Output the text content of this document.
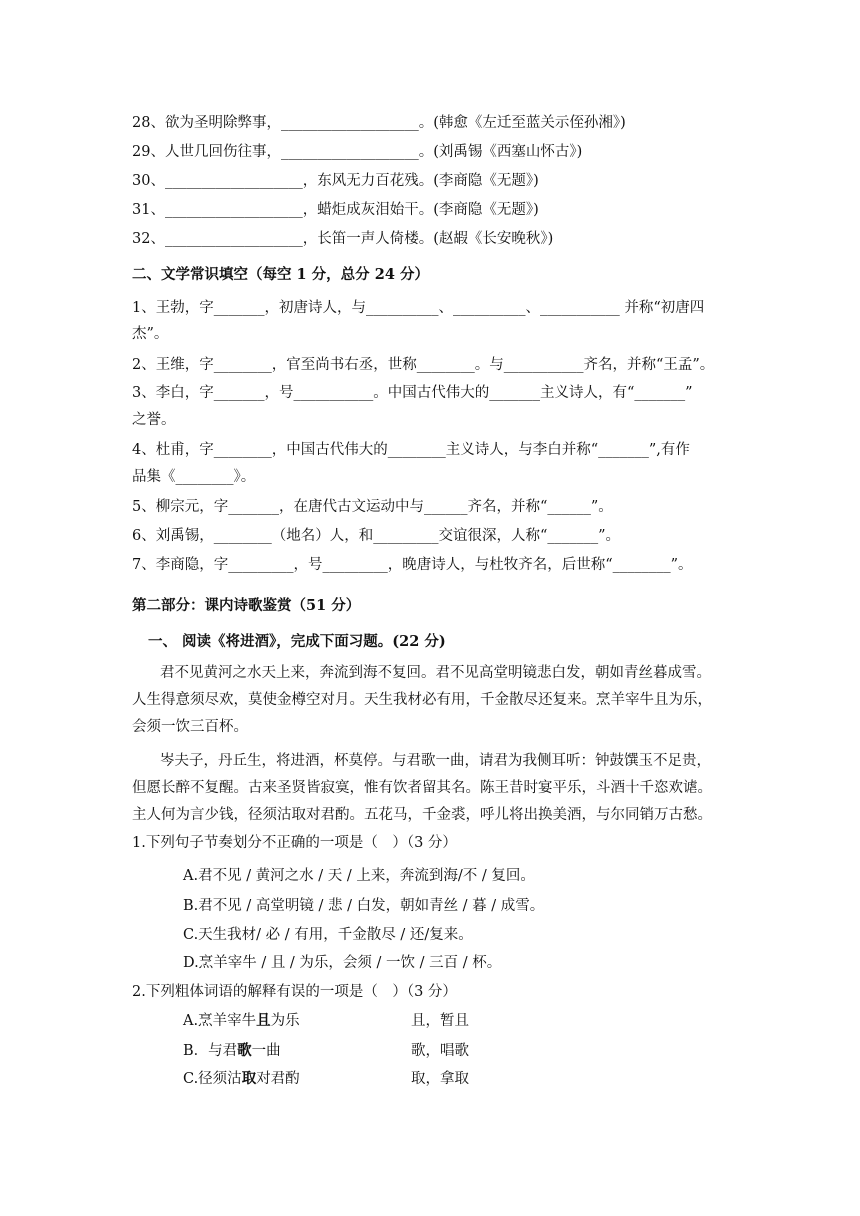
28、欲为圣明除弊事，___________________。(韩愈《左迁至蓝关示侄孙湘》)
29、人世几回伤往事，___________________。(刘禹锡《西塞山怀古》)
30、___________________，东风无力百花残。(李商隐《无题》)
31、___________________，蜡炬成灰泪始干。(李商隐《无题》)
32、___________________，长笛一声人倚楼。(赵嘏《长安晚秋》)
二、文学常识填空（每空 1 分，总分 24 分）
1、王勃，字_______，初唐诗人，与__________、__________、___________ 并称“初唐四
杰”。
2、王维，字________，官至尚书右丞，世称________。与___________齐名，并称“王孟”。
3、李白，字_______，号___________。中国古代伟大的_______主义诗人，有“_______”
之誉。
4、杜甫，字________，中国古代伟大的________主义诗人，与李白并称“_______”,有作
品集《________》。
5、柳宗元，字_______，在唐代古文运动中与______齐名，并称“______”。
6、刘禹锡，________（地名）人，和_________交谊很深，人称“_______”。
7、李商隐，字_________，号_________，晚唐诗人，与杜牧齐名，后世称“________”。
第二部分：课内诗歌鉴赏（51 分）
一、 阅读《将进酒》，完成下面习题。(22 分)
君不见黄河之水天上来，奔流到海不复回。君不见高堂明镜悲白发，朝如青丝暮成雪。
人生得意须尽欢，莫使金樽空对月。天生我材必有用，千金散尽还复来。烹羊宰牛且为乐，
会须一饮三百杯。
岑夫子，丹丘生，将进酒，杯莫停。与君歌一曲，请君为我侧耳听：钟鼓馔玉不足贵，
但愿长醉不复醒。古来圣贤皆寂寞，惟有饮者留其名。陈王昔时宴平乐，斗酒十千恣欢谑。
主人何为言少钱，径须沽取对君酌。五花马，千金裘，呼儿将出换美酒，与尔同销万古愁。
1.下列句子节奏划分不正确的一项是（　）（3 分）
A.君不见 / 黄河之水 / 天 / 上来，奔流到海/不 / 复回。
B.君不见 / 高堂明镜 / 悲 / 白发，朝如青丝 / 暮 / 成雪。
C.天生我材/ 必 / 有用，千金散尽 / 还/复来。
D.烹羊宰牛 / 且 / 为乐，会须 / 一饮 / 三百 / 杯。
2.下列粗体词语的解释有误的一项是（　）（3 分）
A.烹羊宰牛且为乐	且，暂且
B．与君歌一曲	歌，唱歌
C.径须沽取对君酌	取，拿取
